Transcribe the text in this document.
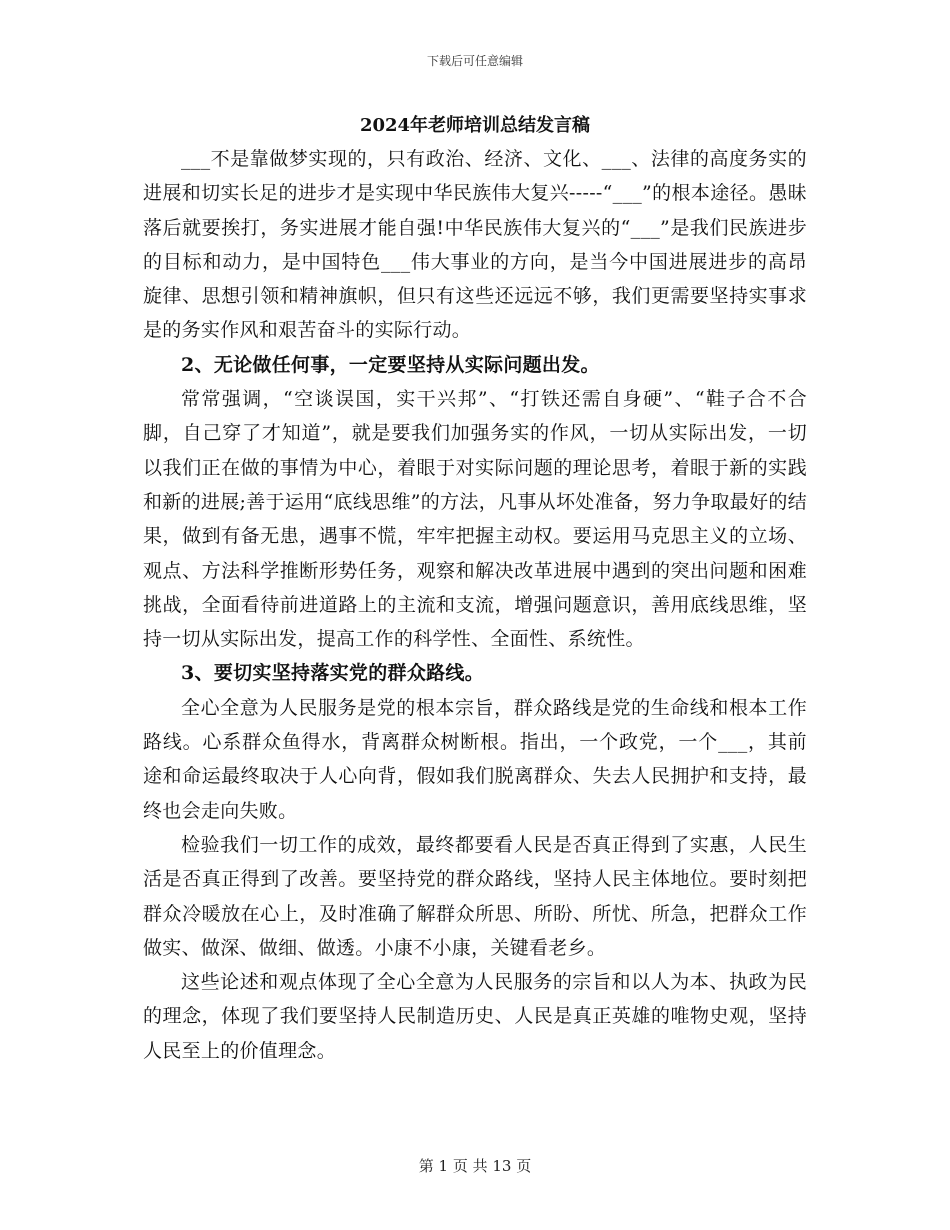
下载后可任意编辑
2024年老师培训总结发言稿

___不是靠做梦实现的，只有政治、经济、文化、___、法律的高度务实的进展和切实长足的进步才是实现中华民族伟大复兴-----“___”的根本途径。愚昧落后就要挨打，务实进展才能自强!中华民族伟大复兴的“___”是我们民族进步的目标和动力，是中国特色___伟大事业的方向，是当今中国进展进步的高昂旋律、思想引领和精神旗帜，但只有这些还远远不够，我们更需要坚持实事求是的务实作风和艰苦奋斗的实际行动。

2、无论做任何事，一定要坚持从实际问题出发。

常常强调，“空谈误国，实干兴邦”、“打铁还需自身硬”、“鞋子合不合脚，自己穿了才知道”，就是要我们加强务实的作风，一切从实际出发，一切以我们正在做的事情为中心，着眼于对实际问题的理论思考，着眼于新的实践和新的进展;善于运用“底线思维”的方法，凡事从坏处准备，努力争取最好的结果，做到有备无患，遇事不慌，牢牢把握主动权。要运用马克思主义的立场、观点、方法科学推断形势任务，观察和解决改革进展中遇到的突出问题和困难挑战，全面看待前进道路上的主流和支流，增强问题意识，善用底线思维，坚持一切从实际出发，提高工作的科学性、全面性、系统性。

3、要切实坚持落实党的群众路线。

全心全意为人民服务是党的根本宗旨，群众路线是党的生命线和根本工作路线。心系群众鱼得水，背离群众树断根。指出，一个政党，一个___，其前途和命运最终取决于人心向背，假如我们脱离群众、失去人民拥护和支持，最终也会走向失败。

检验我们一切工作的成效，最终都要看人民是否真正得到了实惠，人民生活是否真正得到了改善。要坚持党的群众路线，坚持人民主体地位。要时刻把群众冷暖放在心上，及时准确了解群众所思、所盼、所忧、所急，把群众工作做实、做深、做细、做透。小康不小康，关键看老乡。

这些论述和观点体现了全心全意为人民服务的宗旨和以人为本、执政为民的理念，体现了我们要坚持人民制造历史、人民是真正英雄的唯物史观，坚持人民至上的价值理念。

第 1 页 共 13 页
